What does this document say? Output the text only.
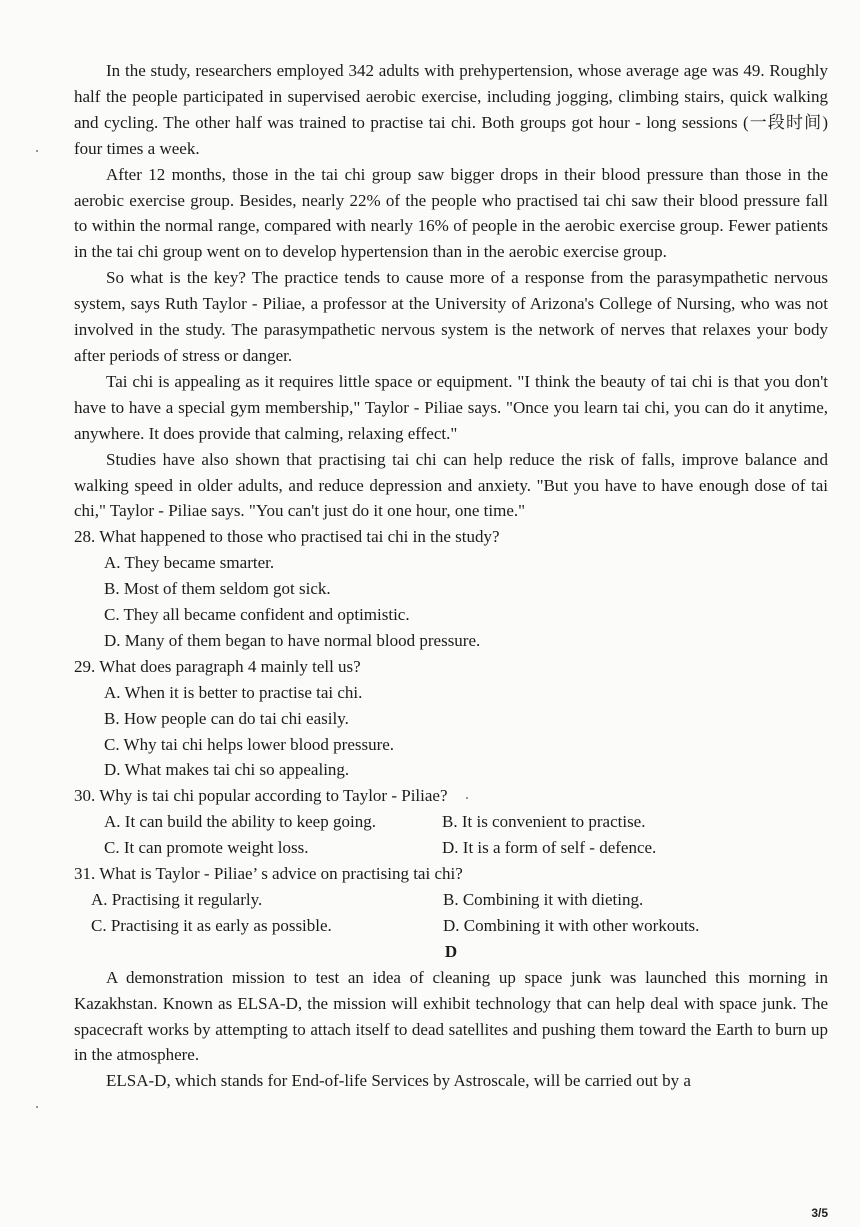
In the study, researchers employed 342 adults with prehypertension, whose average age was 49. Roughly half the people participated in supervised aerobic exercise, including jogging, climbing stairs, quick walking and cycling. The other half was trained to practise tai chi. Both groups got hour - long sessions (一段时间) four times a week.

After 12 months, those in the tai chi group saw bigger drops in their blood pressure than those in the aerobic exercise group. Besides, nearly 22% of the people who practised tai chi saw their blood pressure fall to within the normal range, compared with nearly 16% of people in the aerobic exercise group. Fewer patients in the tai chi group went on to develop hypertension than in the aerobic exercise group.

So what is the key? The practice tends to cause more of a response from the parasympathetic nervous system, says Ruth Taylor - Piliae, a professor at the University of Arizona's College of Nursing, who was not involved in the study. The parasympathetic nervous system is the network of nerves that relaxes your body after periods of stress or danger.

Tai chi is appealing as it requires little space or equipment. "I think the beauty of tai chi is that you don't have to have a special gym membership," Taylor - Piliae says. "Once you learn tai chi, you can do it anytime, anywhere. It does provide that calming, relaxing effect."

Studies have also shown that practising tai chi can help reduce the risk of falls, improve balance and walking speed in older adults, and reduce depression and anxiety. "But you have to have enough dose of tai chi," Taylor - Piliae says. "You can't just do it one hour, one time."

28. What happened to those who practised tai chi in the study?

A. They became smarter.

B. Most of them seldom got sick.

C. They all became confident and optimistic.

D. Many of them began to have normal blood pressure.

29. What does paragraph 4 mainly tell us?

A. When it is better to practise tai chi.

B. How people can do tai chi easily.

C. Why tai chi helps lower blood pressure.

D. What makes tai chi so appealing.

30. Why is tai chi popular according to Taylor - Piliae?

A. It can build the ability to keep going.	B. It is convenient to practise.
C. It can promote weight loss.	D. It is a form of self - defence.

31. What is Taylor - Piliae’ s advice on practising tai chi?

A. Practising it regularly.	B. Combining it with dieting.
C. Practising it as early as possible.	D. Combining it with other workouts.

D

A demonstration mission to test an idea of cleaning up space junk was launched this morning in Kazakhstan. Known as ELSA-D, the mission will exhibit technology that can help deal with space junk. The spacecraft works by attempting to attach itself to dead satellites and pushing them toward the Earth to burn up in the atmosphere.

ELSA-D, which stands for End-of-life Services by Astroscale, will be carried out by a

3/5
